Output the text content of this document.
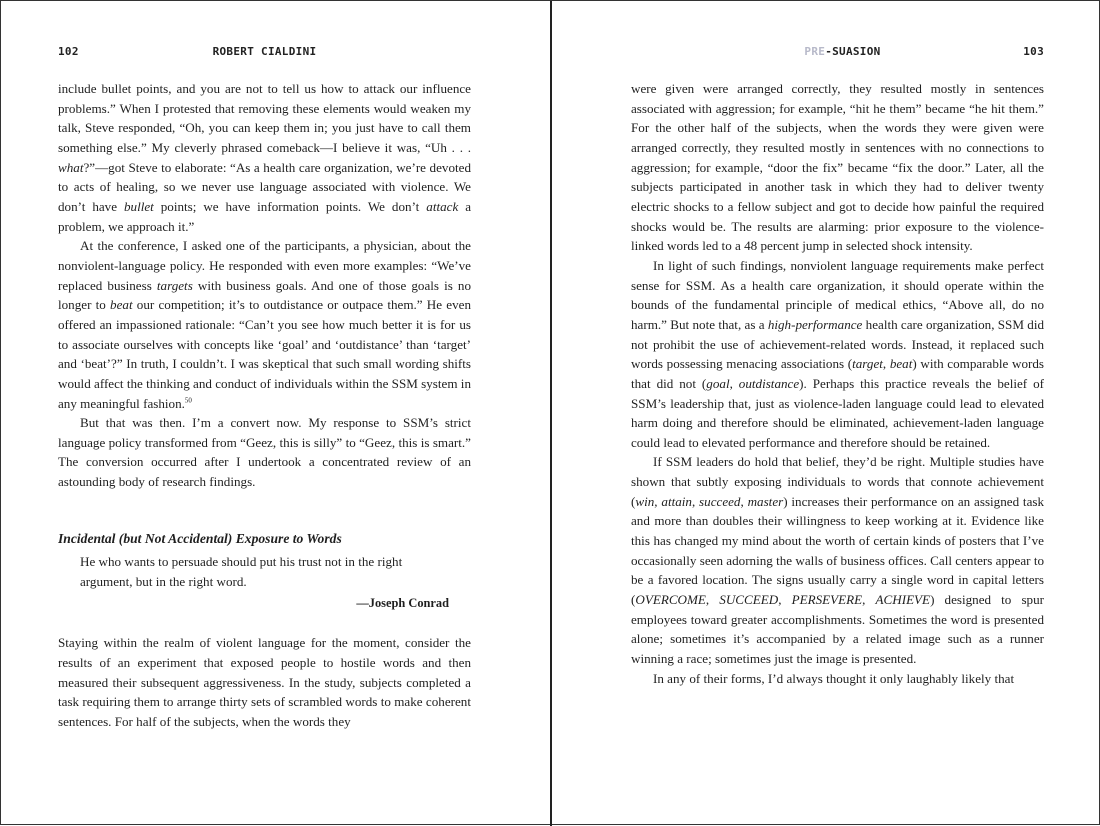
102	ROBERT CIALDINI

include bullet points, and you are not to tell us how to attack our influence problems.” When I protested that removing these elements would weaken my talk, Steve responded, “Oh, you can keep them in; you just have to call them something else.” My cleverly phrased comeback—I believe it was, “Uh . . . what?”—got Steve to elaborate: “As a health care organization, we’re devoted to acts of healing, so we never use language associated with violence. We don’t have bullet points; we have information points. We don’t attack a problem, we approach it.”

At the conference, I asked one of the participants, a physician, about the nonviolent-language policy. He responded with even more examples: “We’ve replaced business targets with business goals. And one of those goals is no longer to beat our competition; it’s to outdistance or outpace them.” He even offered an impassioned rationale: “Can’t you see how much better it is for us to associate ourselves with concepts like ‘goal’ and ‘outdistance’ than ‘target’ and ‘beat’?” In truth, I couldn’t. I was skeptical that such small wording shifts would affect the thinking and conduct of individuals within the SSM system in any meaningful fashion.$^{50}$

But that was then. I’m a convert now. My response to SSM’s strict language policy transformed from “Geez, this is silly” to “Geez, this is smart.” The conversion occurred after I undertook a concentrated review of an astounding body of research findings.

Incidental (but Not Accidental) Exposure to Words
He who wants to persuade should put his trust not in the right argument, but in the right word.
—Joseph Conrad

Staying within the realm of violent language for the moment, consider the results of an experiment that exposed people to hostile words and then measured their subsequent aggressiveness. In the study, subjects completed a task requiring them to arrange thirty sets of scrambled words to make coherent sentences. For half of the subjects, when the words they

PRE-SUASION	103

were given were arranged correctly, they resulted mostly in sentences associated with aggression; for example, “hit he them” became “he hit them.” For the other half of the subjects, when the words they were given were arranged correctly, they resulted mostly in sentences with no connections to aggression; for example, “door the fix” became “fix the door.” Later, all the subjects participated in another task in which they had to deliver twenty electric shocks to a fellow subject and got to decide how painful the required shocks would be. The results are alarming: prior exposure to the violence-linked words led to a 48 percent jump in selected shock intensity.

In light of such findings, nonviolent language requirements make perfect sense for SSM. As a health care organization, it should operate within the bounds of the fundamental principle of medical ethics, “Above all, do no harm.” But note that, as a high-performance health care organization, SSM did not prohibit the use of achievement-related words. Instead, it replaced such words possessing menacing associations (target, beat) with comparable words that did not (goal, outdistance). Perhaps this practice reveals the belief of SSM’s leadership that, just as violence-laden language could lead to elevated harm doing and therefore should be eliminated, achievement-laden language could lead to elevated performance and therefore should be retained.

If SSM leaders do hold that belief, they’d be right. Multiple studies have shown that subtly exposing individuals to words that connote achievement (win, attain, succeed, master) increases their performance on an assigned task and more than doubles their willingness to keep working at it. Evidence like this has changed my mind about the worth of certain kinds of posters that I’ve occasionally seen adorning the walls of business offices. Call centers appear to be a favored location. The signs usually carry a single word in capital letters (OVERCOME, SUCCEED, PERSEVERE, ACHIEVE) designed to spur employees toward greater accomplishments. Sometimes the word is presented alone; sometimes it’s accompanied by a related image such as a runner winning a race; sometimes just the image is presented.

In any of their forms, I’d always thought it only laughably likely that
